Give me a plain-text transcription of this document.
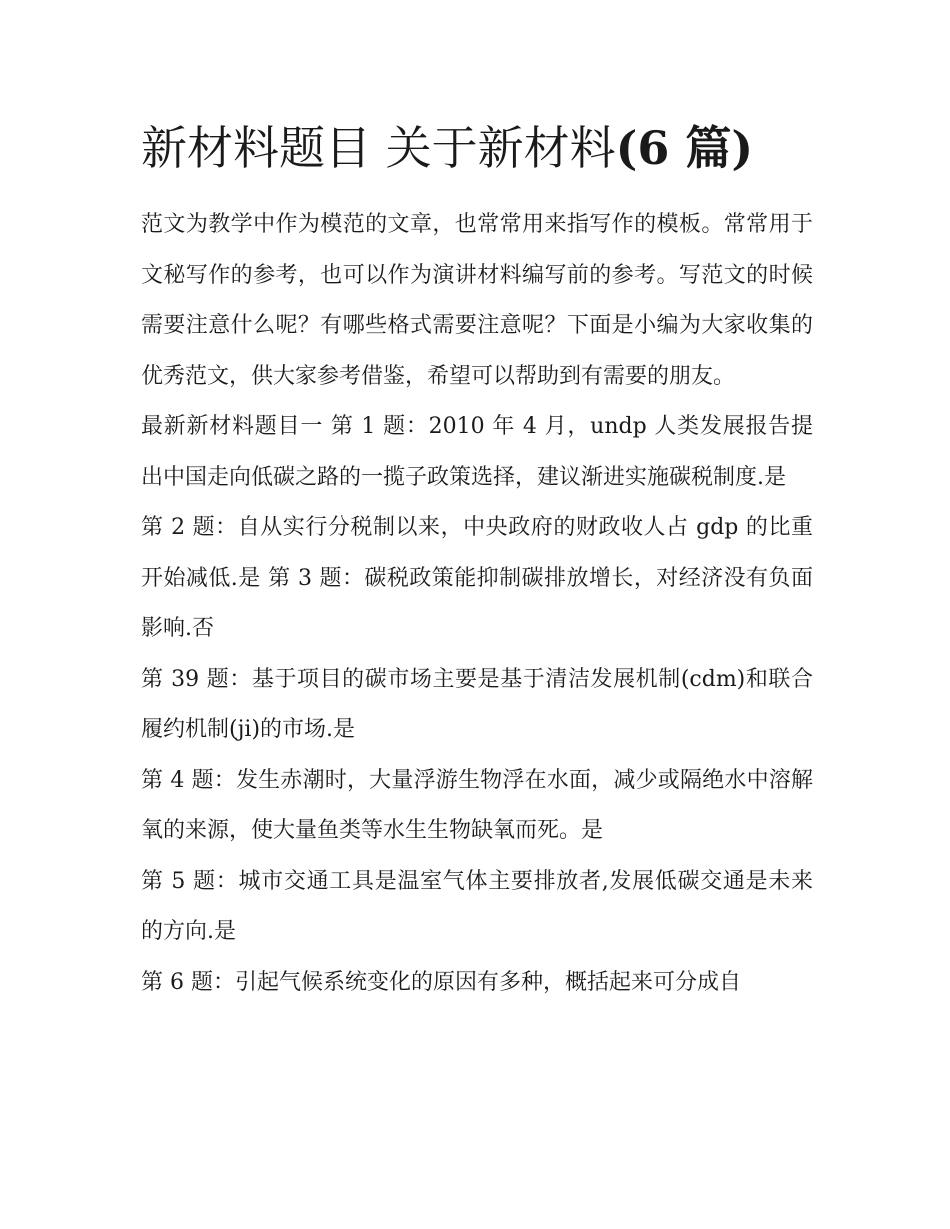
新材料题目 关于新材料(6 篇)

范文为教学中作为模范的文章，也常常用来指写作的模板。常常用于文秘写作的参考，也可以作为演讲材料编写前的参考。写范文的时候需要注意什么呢？有哪些格式需要注意呢？下面是小编为大家收集的优秀范文，供大家参考借鉴，希望可以帮助到有需要的朋友。

最新新材料题目一 第 1 题：2010 年 4 月，undp 人类发展报告提出中国走向低碳之路的一揽子政策选择，建议渐进实施碳税制度.是

第 2 题：自从实行分税制以来，中央政府的财政收人占 gdp 的比重开始减低.是 第 3 题：碳税政策能抑制碳排放增长，对经济没有负面影响.否

第 39 题：基于项目的碳市场主要是基于清洁发展机制(cdm)和联合履约机制(ji)的市场.是

第 4 题：发生赤潮时，大量浮游生物浮在水面，减少或隔绝水中溶解氧的来源，使大量鱼类等水生生物缺氧而死。是

第 5 题：城市交通工具是温室气体主要排放者,发展低碳交通是未来的方向.是

第 6 题：引起气候系统变化的原因有多种，概括起来可分成自
